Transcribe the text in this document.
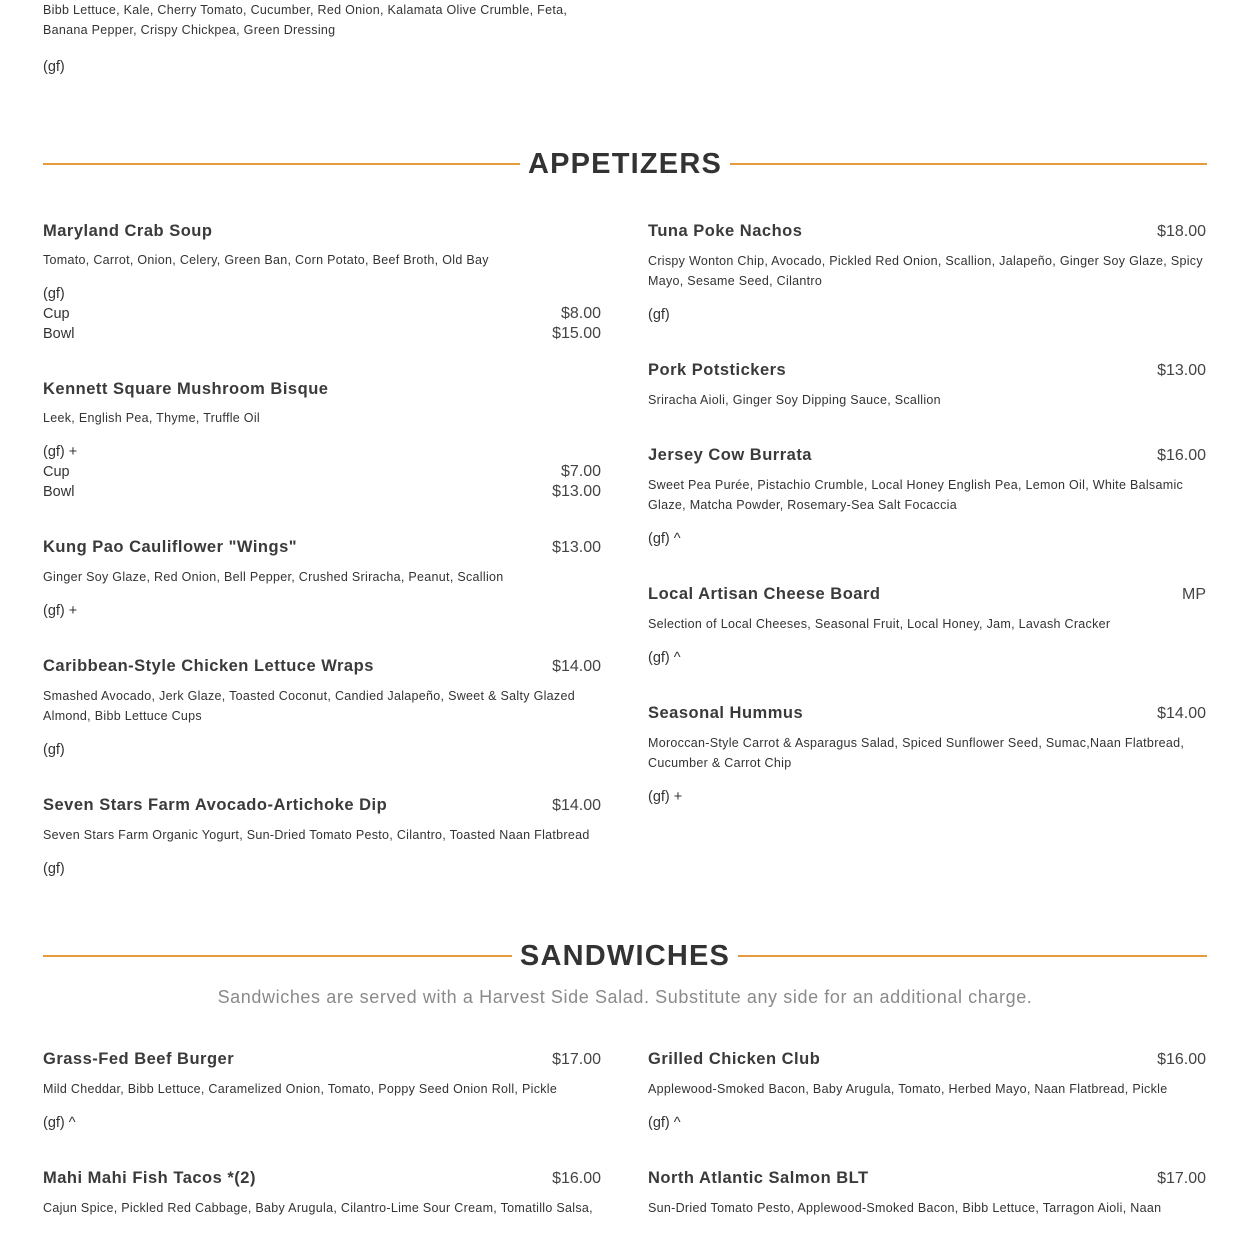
Bibb Lettuce, Kale, Cherry Tomato, Cucumber, Red Onion, Kalamata Olive Crumble, Feta, Banana Pepper, Crispy Chickpea, Green Dressing
(gf)
APPETIZERS
Maryland Crab Soup
Tomato, Carrot, Onion, Celery, Green Ban, Corn Potato, Beef Broth, Old Bay
(gf)
Cup	$8.00
Bowl	$15.00
Kennett Square Mushroom Bisque
Leek, English Pea, Thyme, Truffle Oil
(gf) +
Cup	$7.00
Bowl	$13.00
Kung Pao Cauliflower "Wings"	$13.00
Ginger Soy Glaze, Red Onion, Bell Pepper, Crushed Sriracha, Peanut, Scallion
(gf) +
Caribbean-Style Chicken Lettuce Wraps	$14.00
Smashed Avocado, Jerk Glaze, Toasted Coconut, Candied Jalapeño, Sweet & Salty Glazed Almond, Bibb Lettuce Cups
(gf)
Seven Stars Farm Avocado-Artichoke Dip	$14.00
Seven Stars Farm Organic Yogurt, Sun-Dried Tomato Pesto, Cilantro, Toasted Naan Flatbread
(gf)
Tuna Poke Nachos	$18.00
Crispy Wonton Chip, Avocado, Pickled Red Onion, Scallion, Jalapeño, Ginger Soy Glaze, Spicy Mayo, Sesame Seed, Cilantro
(gf)
Pork Potstickers	$13.00
Sriracha Aioli, Ginger Soy Dipping Sauce, Scallion
Jersey Cow Burrata	$16.00
Sweet Pea Purée, Pistachio Crumble, Local Honey English Pea, Lemon Oil, White Balsamic Glaze, Matcha Powder, Rosemary-Sea Salt Focaccia
(gf) ^
Local Artisan Cheese Board	MP
Selection of Local Cheeses, Seasonal Fruit, Local Honey, Jam, Lavash Cracker
(gf) ^
Seasonal Hummus	$14.00
Moroccan-Style Carrot & Asparagus Salad, Spiced Sunflower Seed, Sumac,Naan Flatbread, Cucumber & Carrot Chip
(gf) +
SANDWICHES
Sandwiches are served with a Harvest Side Salad. Substitute any side for an additional charge.
Grass-Fed Beef Burger	$17.00
Mild Cheddar, Bibb Lettuce, Caramelized Onion, Tomato, Poppy Seed Onion Roll, Pickle
(gf) ^
Mahi Mahi Fish Tacos *(2)	$16.00
Cajun Spice, Pickled Red Cabbage, Baby Arugula, Cilantro-Lime Sour Cream, Tomatillo Salsa,
Grilled Chicken Club	$16.00
Applewood-Smoked Bacon, Baby Arugula, Tomato, Herbed Mayo, Naan Flatbread, Pickle
(gf) ^
North Atlantic Salmon BLT	$17.00
Sun-Dried Tomato Pesto, Applewood-Smoked Bacon, Bibb Lettuce, Tarragon Aioli, Naan
